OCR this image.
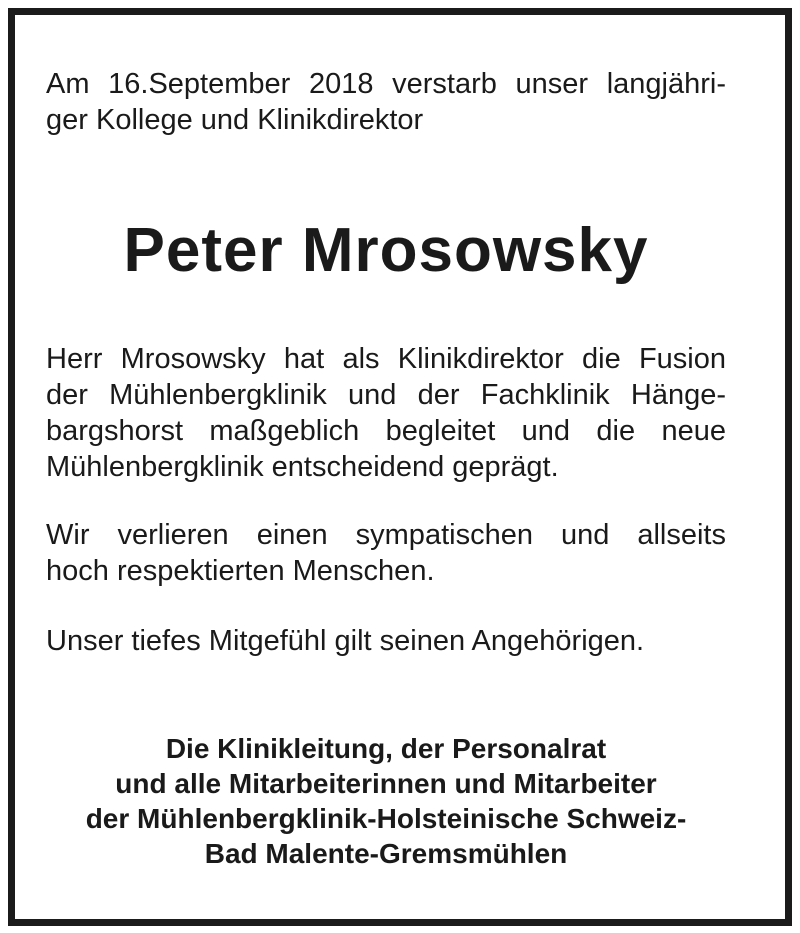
Am 16.September 2018 verstarb unser langjähri-
ger Kollege und Klinikdirektor
Peter Mrosowsky
Herr Mrosowsky hat als Klinikdirektor die Fusion
der Mühlenbergklinik und der Fachklinik Hänge-
bargshorst maßgeblich begleitet und die neue
Mühlenbergklinik entscheidend geprägt.
Wir verlieren einen sympatischen und allseits
hoch respektierten Menschen.
Unser tiefes Mitgefühl gilt seinen Angehörigen.
Die Klinikleitung, der Personalrat
und alle Mitarbeiterinnen und Mitarbeiter
der Mühlenbergklinik-Holsteinische Schweiz-
Bad Malente-Gremsmühlen
